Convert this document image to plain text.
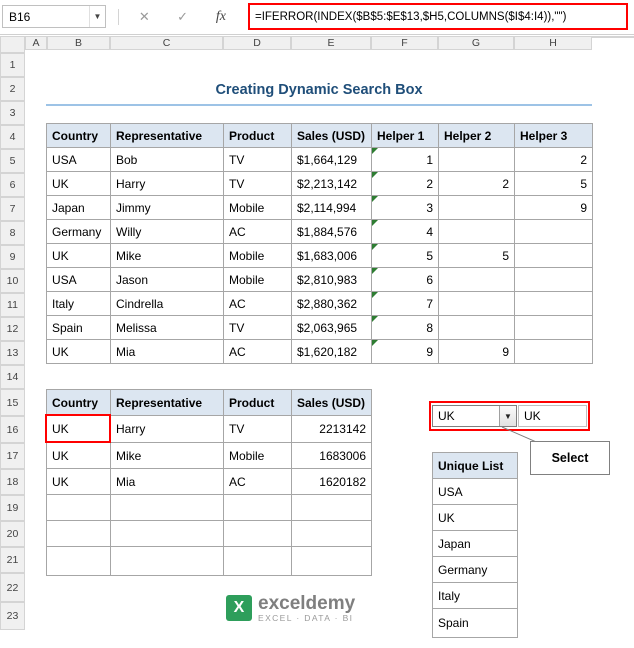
B16	▼	✕	✓	fx	=IFERROR(INDEX($B$5:$E$13,$H5,COLUMNS($I$4:I4)),"")
A	B	C	D	E	F	G	H
1
2
3
4
5
6
7
8
9
10
11
12
13
14
15
16
17
18
19
20
21
22
23
Creating Dynamic Search Box
Country	Representative	Product	Sales (USD)	Helper 1	Helper 2	Helper 3
USA	Bob	TV	$1,664,129	1		2
UK	Harry	TV	$2,213,142	2	2	5
Japan	Jimmy	Mobile	$2,114,994	3		9
Germany	Willy	AC	$1,884,576	4		
UK	Mike	Mobile	$1,683,006	5	5	
USA	Jason	Mobile	$2,810,983	6		
Italy	Cindrella	AC	$2,880,362	7		
Spain	Melissa	TV	$2,063,965	8		
UK	Mia	AC	$1,620,182	9	9	
Country	Representative	Product	Sales (USD)
UK	Harry	TV	2213142
UK	Mike	Mobile	1683006
UK	Mia	AC	1620182

UK	▼	UK
Select
Unique List
USA
UK
Japan
Germany
Italy
Spain
X exceldemy
EXCEL · DATA · BI
